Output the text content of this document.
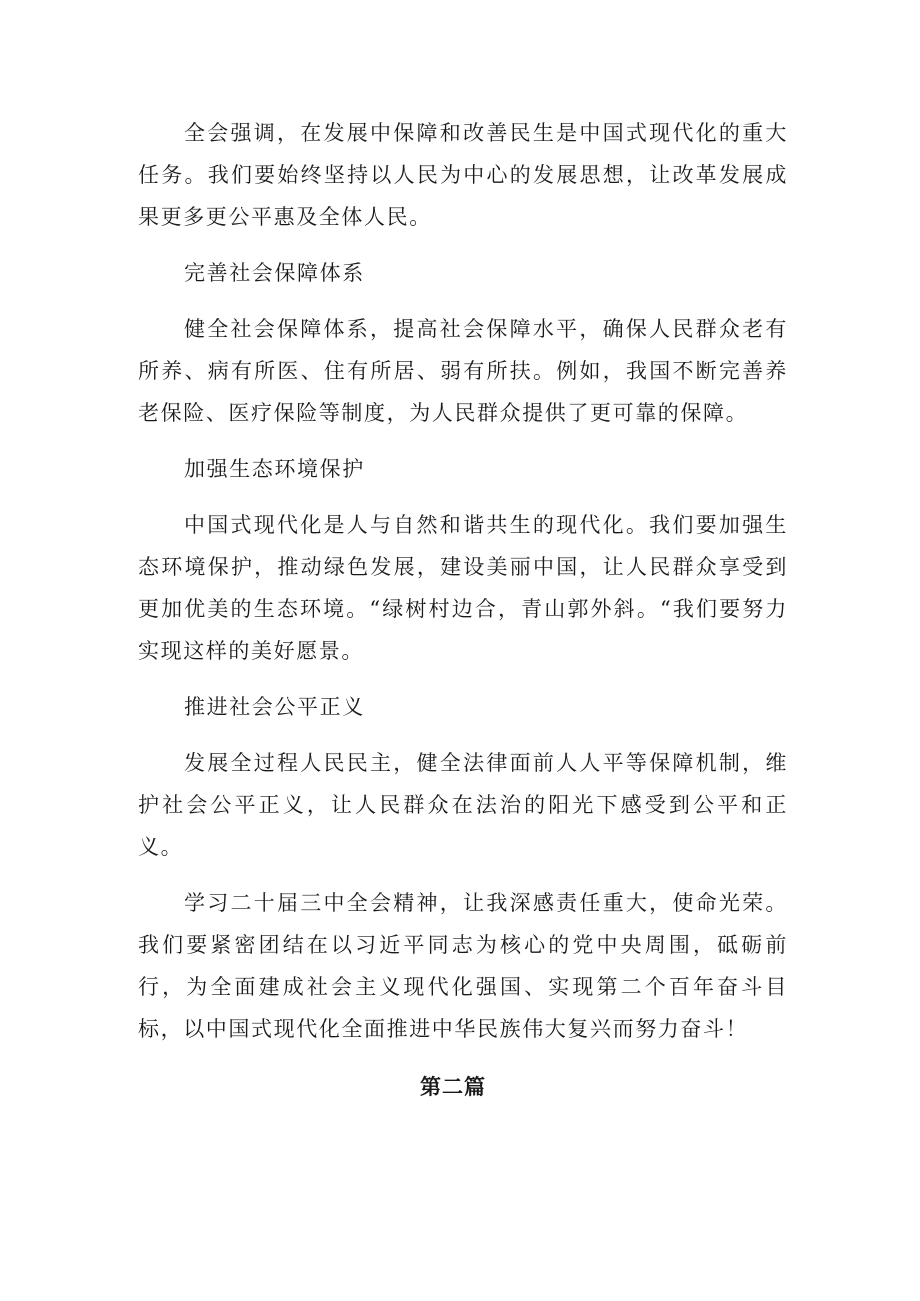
全会强调，在发展中保障和改善民生是中国式现代化的重大任务。我们要始终坚持以人民为中心的发展思想，让改革发展成果更多更公平惠及全体人民。

完善社会保障体系

健全社会保障体系，提高社会保障水平，确保人民群众老有所养、病有所医、住有所居、弱有所扶。例如，我国不断完善养老保险、医疗保险等制度，为人民群众提供了更可靠的保障。

加强生态环境保护

中国式现代化是人与自然和谐共生的现代化。我们要加强生态环境保护，推动绿色发展，建设美丽中国，让人民群众享受到更加优美的生态环境。“绿树村边合，青山郭外斜。“我们要努力实现这样的美好愿景。

推进社会公平正义

发展全过程人民民主，健全法律面前人人平等保障机制，维护社会公平正义，让人民群众在法治的阳光下感受到公平和正义。

学习二十届三中全会精神，让我深感责任重大，使命光荣。我们要紧密团结在以习近平同志为核心的党中央周围，砥砺前行，为全面建成社会主义现代化强国、实现第二个百年奋斗目标，以中国式现代化全面推进中华民族伟大复兴而努力奋斗！

第二篇
